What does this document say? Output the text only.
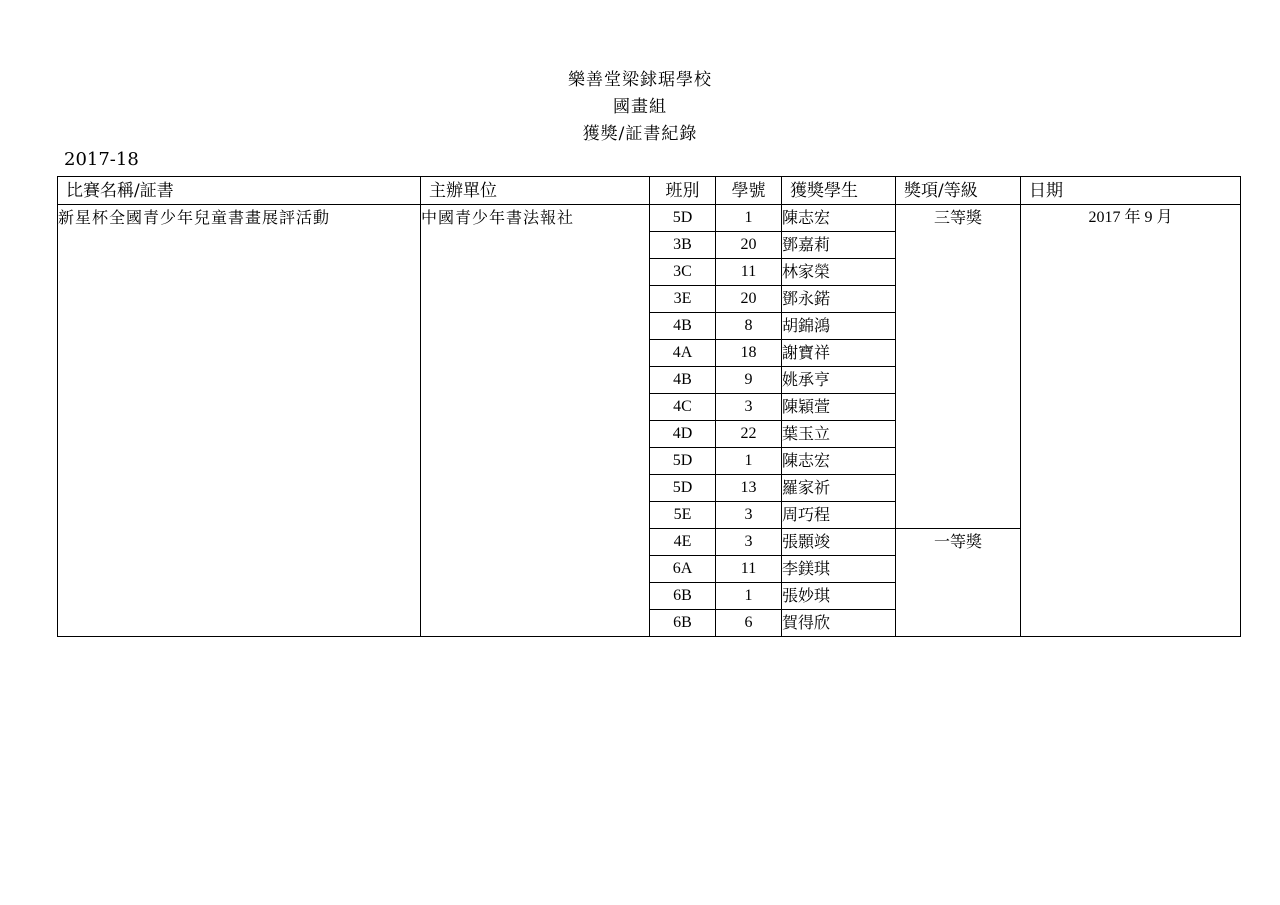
樂善堂梁銶琚學校
國畫組
獲獎/証書紀錄
2017-18
比賽名稱/証書	主辦單位	班別	學號	獲獎學生	獎項/等級	日期
新星杯全國青少年兒童書畫展評活動	中國青少年書法報社	5D	1	陳志宏	三等獎	2017 年 9 月
		3B	20	鄧嘉莉		
		3C	11	林家榮		
		3E	20	鄧永鍩		
		4B	8	胡錦鴻		
		4A	18	謝寶祥		
		4B	9	姚承亨		
		4C	3	陳穎萱		
		4D	22	葉玉立		
		5D	1	陳志宏		
		5D	13	羅家祈		
		5E	3	周巧程		
		4E	3	張顥竣	一等獎	
		6A	11	李鎂琪		
		6B	1	張妙琪		
		6B	6	賀得欣		
